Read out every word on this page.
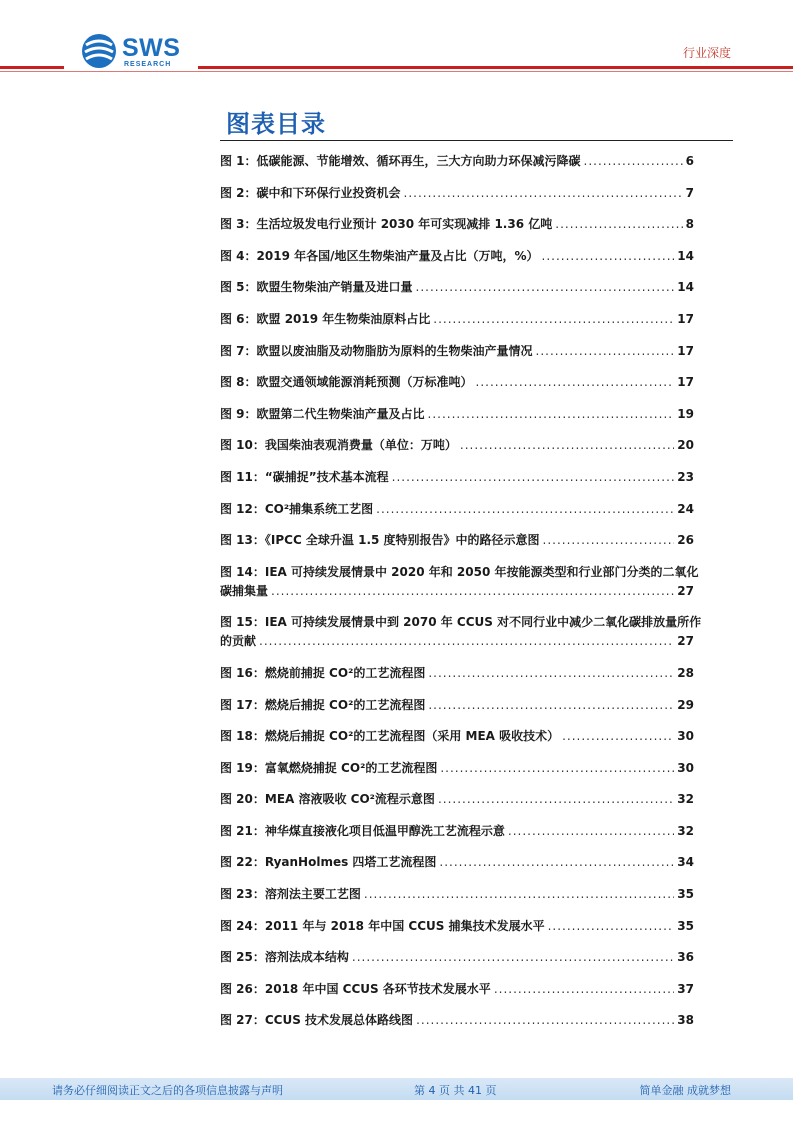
SWS
RESEARCH
行业深度
图表目录
图 1：低碳能源、节能增效、循环再生，三大方向助力环保减污降碳 .....	6
图 2：碳中和下环保行业投资机会 .....	7
图 3：生活垃圾发电行业预计 2030 年可实现减排 1.36 亿吨 .....	8
图 4：2019 年各国/地区生物柴油产量及占比（万吨，%） .....	14
图 5：欧盟生物柴油产销量及进口量 .....	14
图 6：欧盟 2019 年生物柴油原料占比 .....	17
图 7：欧盟以废油脂及动物脂肪为原料的生物柴油产量情况 .....	17
图 8：欧盟交通领域能源消耗预测（万标准吨） .....	17
图 9：欧盟第二代生物柴油产量及占比 .....	19
图 10：我国柴油表观消费量（单位：万吨） .....	20
图 11：“碳捕捉”技术基本流程 .....	23
图 12：CO²捕集系统工艺图 .....	24
图 13：《IPCC 全球升温 1.5 度特别报告》中的路径示意图 .....	26
图 14：IEA 可持续发展情景中 2020 年和 2050 年按能源类型和行业部门分类的二氧化
碳捕集量 .....	27
图 15：IEA 可持续发展情景中到 2070 年 CCUS 对不同行业中减少二氧化碳排放量所作
的贡献 .....	27
图 16：燃烧前捕捉 CO²的工艺流程图 .....	28
图 17：燃烧后捕捉 CO²的工艺流程图 .....	29
图 18：燃烧后捕捉 CO²的工艺流程图（采用 MEA 吸收技术） .....	30
图 19：富氧燃烧捕捉 CO²的工艺流程图 .....	30
图 20：MEA 溶液吸收 CO²流程示意图 .....	32
图 21：神华煤直接液化项目低温甲醇洗工艺流程示意 .....	32
图 22：RyanHolmes 四塔工艺流程图 .....	34
图 23：溶剂法主要工艺图 .....	35
图 24：2011 年与 2018 年中国 CCUS 捕集技术发展水平 .....	35
图 25：溶剂法成本结构 .....	36
图 26：2018 年中国 CCUS 各环节技术发展水平 .....	37
图 27：CCUS 技术发展总体路线图 .....	38
请务必仔细阅读正文之后的各项信息披露与声明	第 4 页 共 41 页	简单金融 成就梦想
